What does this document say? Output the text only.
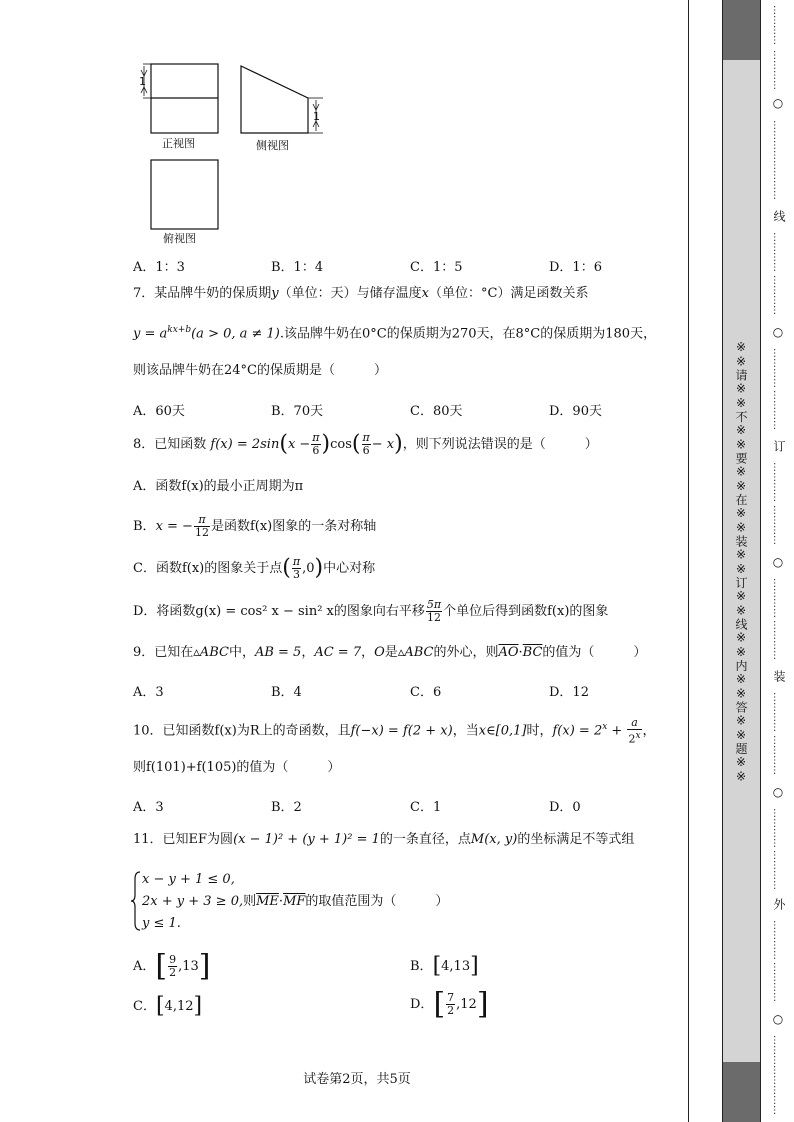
1
1
正视图	侧视图
俯视图
A．1：3	B．1：4	C．1：5	D．1：6
7．某品牌牛奶的保质期y（单位：天）与储存温度x（单位：°C）满足函数关系
$y = a^{kx+b}(a > 0$, a ≠ 1).该品牌牛奶在0°C的保质期为270天，在8°C的保质期为180天，
则该品牌牛奶在24°C的保质期是（　　　）
A．60天	B．70天	C．80天	D．90天
8．已知函数 $f(x) = 2\sin(x - \frac{\pi}{6} )\cos( \frac{\pi}{6} - x)$，则下列说法错误的是（　　　）
A．函数f(x)的最小正周期为π
B．x = − $\frac{\pi}{12}$ 是函数f(x)图象的一条对称轴
C．函数f(x)的图象关于点( $\frac{\pi}{3} ,0$)中心对称
D．将函数g(x) = cos² x − sin² x的图象向右平移 $\frac{5\pi}{12}$ 个单位后得到函数f(x)的图象
9．已知在▵ABC中，AB = 5，AC = 7，O是▵ABC的外心，则$\overline{AO}\cdot\overline{BC}$的值为（　　　）
A．3	B．4	C．6	D．12
10．已知函数f(x)为R上的奇函数，且f(−x) = f(2 + x)，当x∈[0,1]时，$f(x) = 2^x + \frac{a}{2^x}$ ，
则f(101)+f(105)的值为（　　　）
A．3	B．2	C．1	D．0
11．已知EF为圆(x − 1)² + (y + 1)² = 1的一条直径，点M(x, y)的坐标满足不等式组
x − y + 1 ≤ 0,
2x + y + 3 ≥ 0,则$\overline{ME}\cdot\overline{MF}$的取值范围为（　　　）
y ≤ 1.
A．[ $\frac{9}{2} ,13$]	B．[4,13]
C．[4,12]	D．[ $\frac{7}{2} ,12$]
试卷第2页，共5页
※※请※※不※※要※※在※※装※※订※※线※※内※※答※※题※※
…………
…………
○
…………
…………
线
…………
…………
○
…………
…………
订
…………
…………
○
…………
…………
装
…………
…………
○
…………
…………
外
…………
…………
○
…………
…………
